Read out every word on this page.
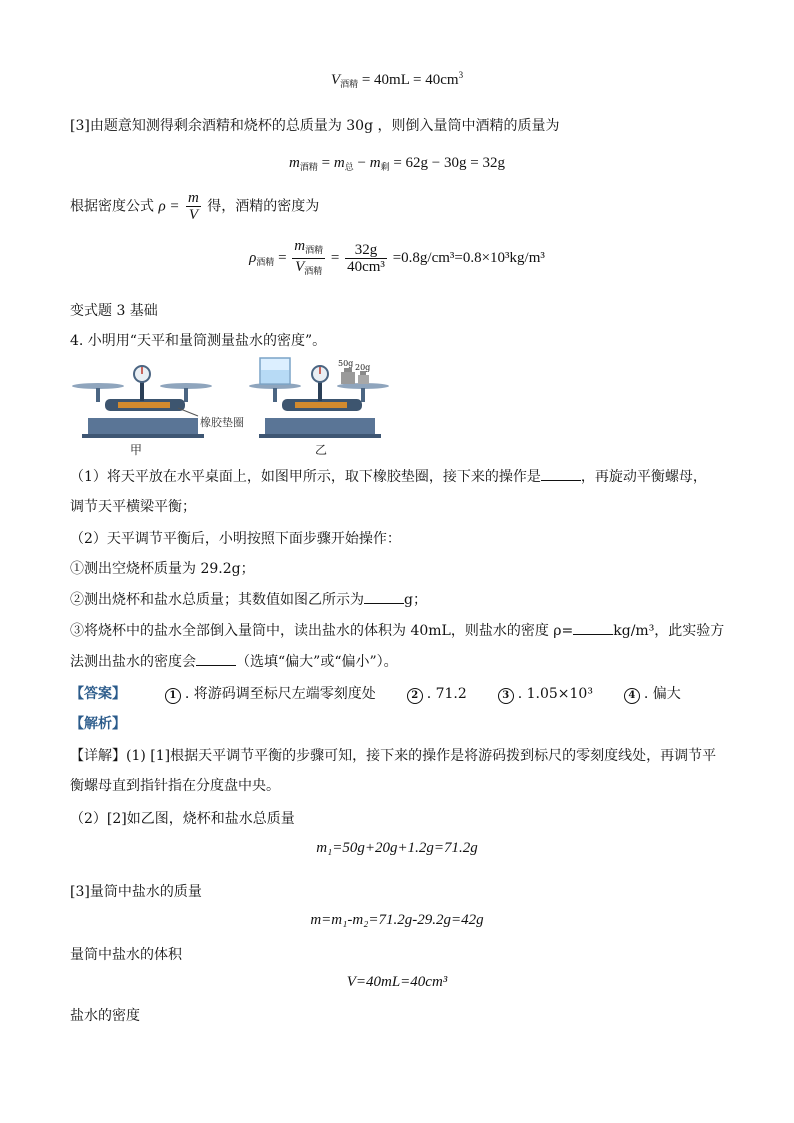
$V_{酒精} = 40mL = 40cm^3$
[3]由题意知测得剩余酒精和烧杯的总质量为 30g ，则倒入量筒中酒精的质量为
$m_{酒精} = m_总 - m_剩 = 62g - 30g = 32g$
根据密度公式 $\rho = \frac{m}{V}$ 得，酒精的密度为
$\rho_{酒精} = \frac{m_{酒精}}{V_{酒精}} = \frac{32g}{\text{40cm³}} =0.8g/cm^3=0.8\times 10^3kg/m^3$
变式题 3 基础
4. 小明用“天平和量筒测量盐水的密度”。
橡胶垫圈
甲
50g 20g
乙
（1）将天平放在水平桌面上，如图甲所示，取下橡胶垫圈，接下来的操作是	，再旋动平衡螺母，
调节天平横梁平衡；
（2）天平调节平衡后，小明按照下面步骤开始操作：
①测出空烧杯质量为 29.2g；
②测出烧杯和盐水总质量；其数值如图乙所示为	g；
③将烧杯中的盐水全部倒入量筒中，读出盐水的体积为 40mL，则盐水的密度 ρ=	kg/m³，此实验方
法测出盐水的密度会	（选填“偏大”或“偏小”）。
【答案】	1 . 将游码调至标尺左端零刻度处	2 . 71.2	3 . 1.05×10³	4 . 偏大
【解析】
【详解】(1) [1]根据天平调节平衡的步骤可知，接下来的操作是将游码拨到标尺的零刻度线处，再调节平
衡螺母直到指针指在分度盘中央。
（2）[2]如乙图，烧杯和盐水总质量
m₁=50g+20g+1.2g=71.2g
[3]量筒中盐水的质量
m=m₁-m₂=71.2g-29.2g=42g
量筒中盐水的体积
V=40mL=40cm³
盐水的密度
